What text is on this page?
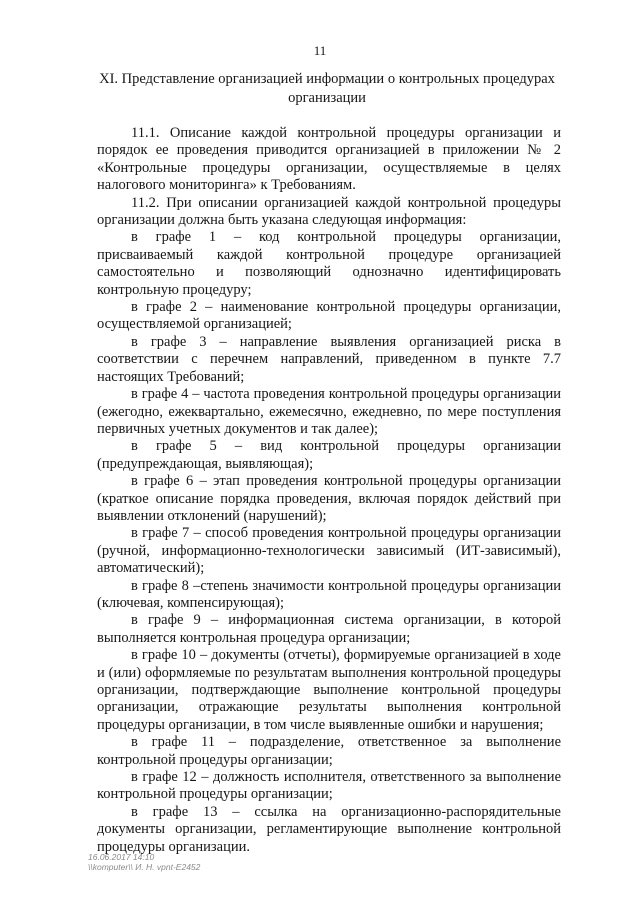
11
XI. Представление организацией информации о контрольных процедурах
организации

11.1. Описание каждой контрольной процедуры организации и порядок ее проведения приводится организацией в приложении № 2 «Контрольные процедуры организации, осуществляемые в целях налогового мониторинга» к Требованиям.

11.2. При описании организацией каждой контрольной процедуры организации должна быть указана следующая информация:

в графе 1 – код контрольной процедуры организации, присваиваемый каждой контрольной процедуре организацией самостоятельно и позволяющий однозначно идентифицировать контрольную процедуру;

в графе 2 – наименование контрольной процедуры организации, осуществляемой организацией;

в графе 3 – направление выявления организацией риска в соответствии с перечнем направлений, приведенном в пункте 7.7 настоящих Требований;

в графе 4 – частота проведения контрольной процедуры организации (ежегодно, ежеквартально, ежемесячно, ежедневно, по мере поступления первичных учетных документов и так далее);

в графе 5 – вид контрольной процедуры организации (предупреждающая, выявляющая);

в графе 6 – этап проведения контрольной процедуры организации (краткое описание порядка проведения, включая порядок действий при выявлении отклонений (нарушений);

в графе 7 – способ проведения контрольной процедуры организации (ручной, информационно-технологически зависимый (ИТ-зависимый), автоматический);

в графе 8 –степень значимости контрольной процедуры организации (ключевая, компенсирующая);

в графе 9 – информационная система организации, в которой выполняется контрольная процедура организации;

в графе 10 – документы (отчеты), формируемые организацией в ходе и (или) оформляемые по результатам выполнения контрольной процедуры организации, подтверждающие выполнение контрольной процедуры организации, отражающие результаты выполнения контрольной процедуры организации, в том числе выявленные ошибки и нарушения;

в графе 11 – подразделение, ответственное за выполнение контрольной процедуры организации;

в графе 12 – должность исполнителя, ответственного за выполнение контрольной процедуры организации;

в графе 13 – ссылка на организационно-распорядительные документы организации, регламентирующие выполнение контрольной процедуры организации.

16.06.2017 14:10
\\komputer\\ И. Н. vpnt-E2452
